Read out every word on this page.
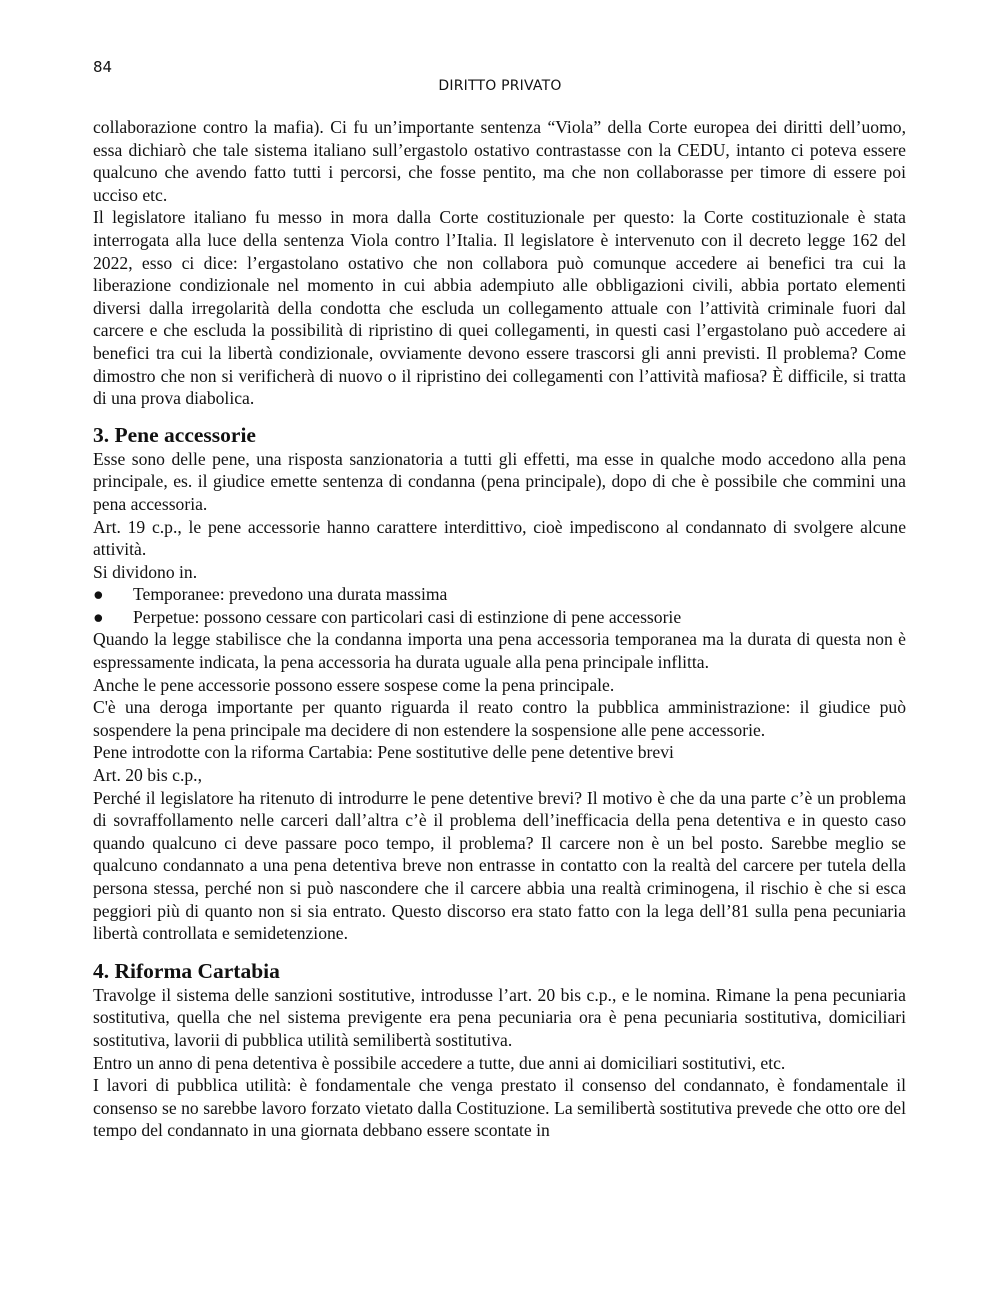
84
DIRITTO PRIVATO

collaborazione contro la mafia). Ci fu un’importante sentenza “Viola” della Corte europea dei diritti dell’uomo, essa dichiarò che tale sistema italiano sull’ergastolo ostativo contrastasse con la CEDU, intanto ci poteva essere qualcuno che avendo fatto tutti i percorsi, che fosse pentito, ma che non collaborasse per timore di essere poi ucciso etc.

Il legislatore italiano fu messo in mora dalla Corte costituzionale per questo: la Corte costituzionale è stata interrogata alla luce della sentenza Viola contro l’Italia. Il legislatore è intervenuto con il decreto legge 162 del 2022, esso ci dice: l’ergastolano ostativo che non collabora può comunque accedere ai benefici tra cui la liberazione condizionale nel momento in cui abbia adempiuto alle obbligazioni civili, abbia portato elementi diversi dalla irregolarità della condotta che escluda un collegamento attuale con l’attività criminale fuori dal carcere e che escluda la possibilità di ripristino di quei collegamenti, in questi casi l’ergastolano può accedere ai benefici tra cui la libertà condizionale, ovviamente devono essere trascorsi gli anni previsti. Il problema? Come dimostro che non si verificherà di nuovo o il ripristino dei collegamenti con l’attività mafiosa? È difficile, si tratta di una prova diabolica.

3. Pene accessorie

Esse sono delle pene, una risposta sanzionatoria a tutti gli effetti, ma esse in qualche modo accedono alla pena principale, es. il giudice emette sentenza di condanna (pena principale), dopo di che è possibile che commini una pena accessoria.

Art. 19 c.p., le pene accessorie hanno carattere interdittivo, cioè impediscono al condannato di svolgere alcune attività.

Si dividono in.

●	Temporanee: prevedono una durata massima
●	Perpetue: possono cessare con particolari casi di estinzione di pene accessorie

Quando la legge stabilisce che la condanna importa una pena accessoria temporanea ma la durata di questa non è espressamente indicata, la pena accessoria ha durata uguale alla pena principale inflitta.

Anche le pene accessorie possono essere sospese come la pena principale.

C'è una deroga importante per quanto riguarda il reato contro la pubblica amministrazione: il giudice può sospendere la pena principale ma decidere di non estendere la sospensione alle pene accessorie.

Pene introdotte con la riforma Cartabia: Pene sostitutive delle pene detentive brevi

Art. 20 bis c.p.,

Perché il legislatore ha ritenuto di introdurre le pene detentive brevi? Il motivo è che da una parte c’è un problema di sovraffollamento nelle carceri dall’altra c’è il problema dell’inefficacia della pena detentiva e in questo caso quando qualcuno ci deve passare poco tempo, il problema? Il carcere non è un bel posto. Sarebbe meglio se qualcuno condannato a una pena detentiva breve non entrasse in contatto con la realtà del carcere per tutela della persona stessa, perché non si può nascondere che il carcere abbia una realtà criminogena, il rischio è che si esca peggiori più di quanto non si sia entrato. Questo discorso era stato fatto con la lega dell’81 sulla pena pecuniaria libertà controllata e semidetenzione.

4. Riforma Cartabia

Travolge il sistema delle sanzioni sostitutive, introdusse l’art. 20 bis c.p., e le nomina. Rimane la pena pecuniaria sostitutiva, quella che nel sistema previgente era pena pecuniaria ora è pena pecuniaria sostitutiva, domiciliari sostitutiva, lavorii di pubblica utilità semilibertà sostitutiva.

Entro un anno di pena detentiva è possibile accedere a tutte, due anni ai domiciliari sostitutivi, etc.

I lavori di pubblica utilità: è fondamentale che venga prestato il consenso del condannato, è fondamentale il consenso se no sarebbe lavoro forzato vietato dalla Costituzione. La semilibertà sostitutiva prevede che otto ore del tempo del condannato in una giornata debbano essere scontate in
